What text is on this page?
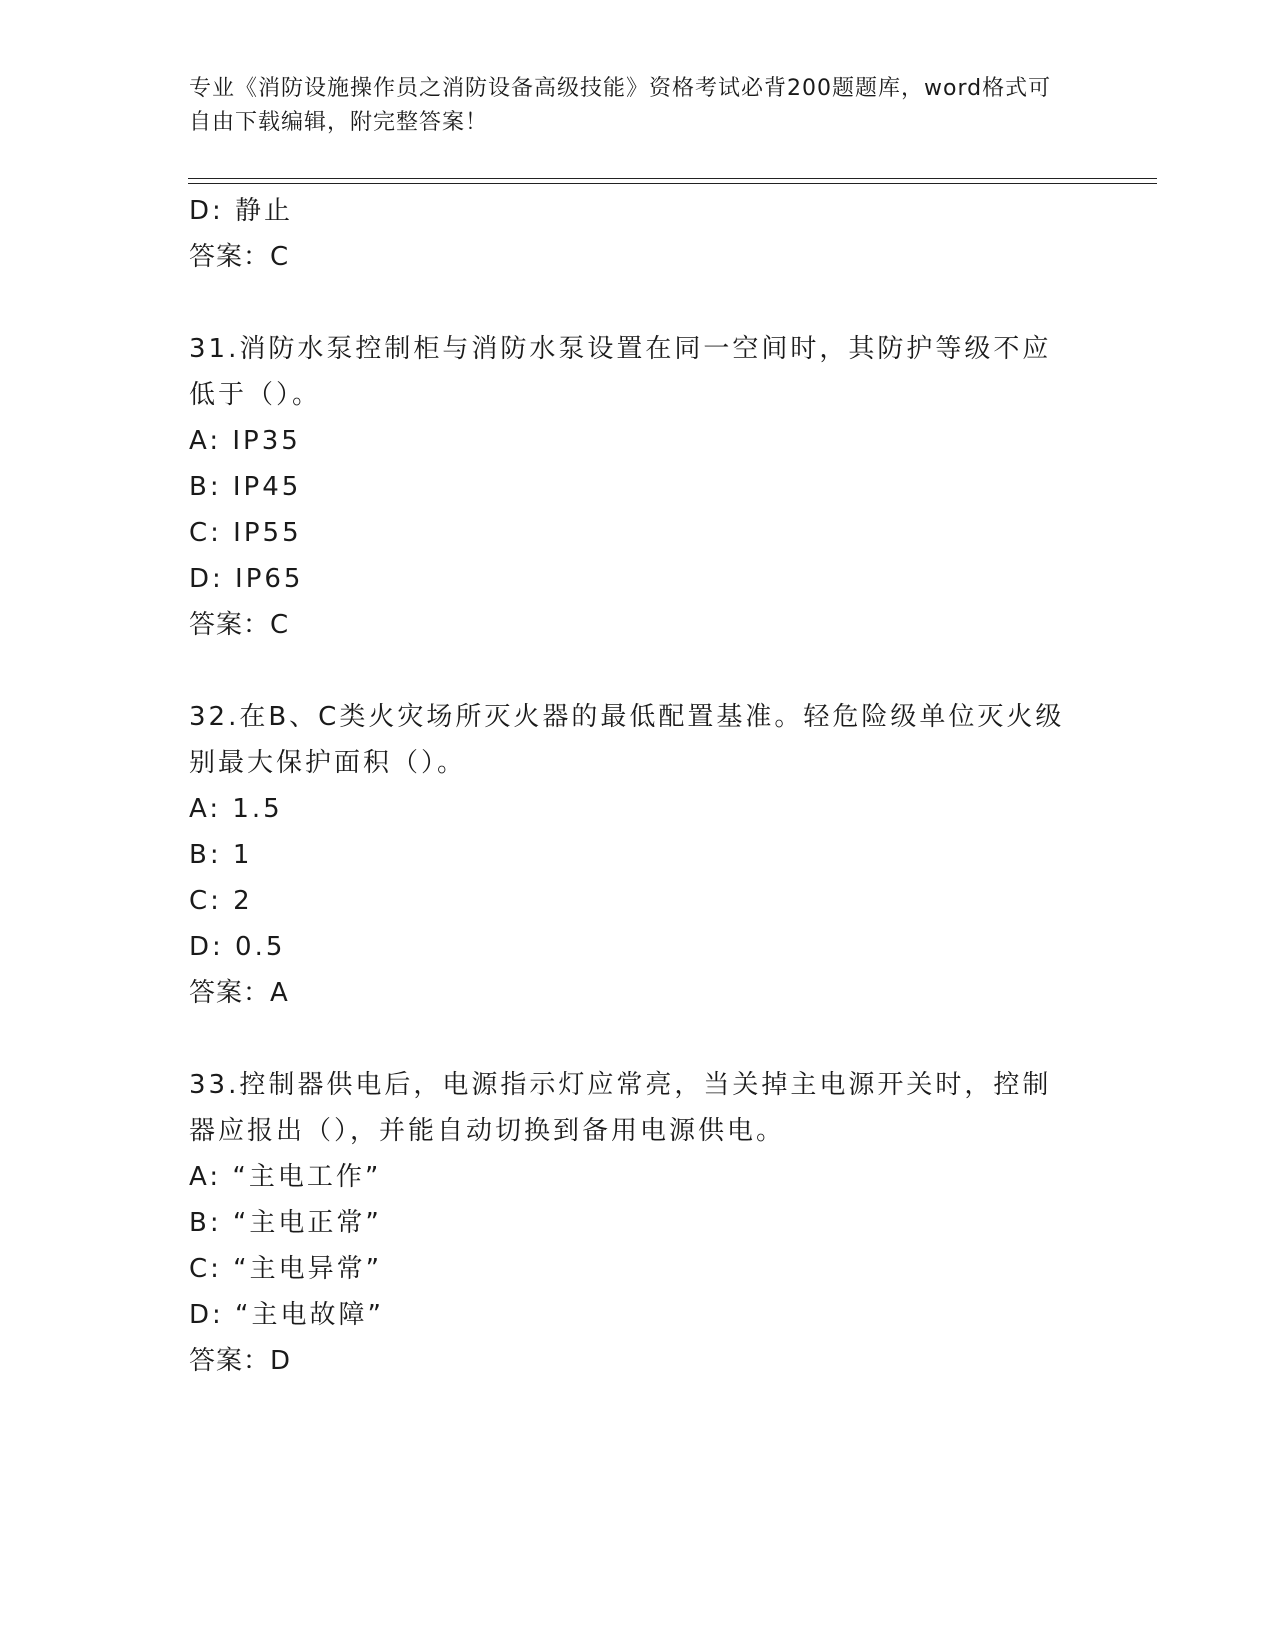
专业《消防设施操作员之消防设备高级技能》资格考试必背200题题库，word格式可自由下载编辑，附完整答案！
D: 静止
答案：C
31.消防水泵控制柜与消防水泵设置在同一空间时，其防护等级不应低于（）。
A: IP35
B: IP45
C: IP55
D: IP65
答案：C
32.在B、C类火灾场所灭火器的最低配置基准。轻危险级单位灭火级别最大保护面积（）。
A: 1.5
B: 1
C: 2
D: 0.5
答案：A
33.控制器供电后，电源指示灯应常亮，当关掉主电源开关时，控制器应报出（），并能自动切换到备用电源供电。
A: “主电工作”
B: “主电正常”
C: “主电异常”
D: “主电故障”
答案：D
